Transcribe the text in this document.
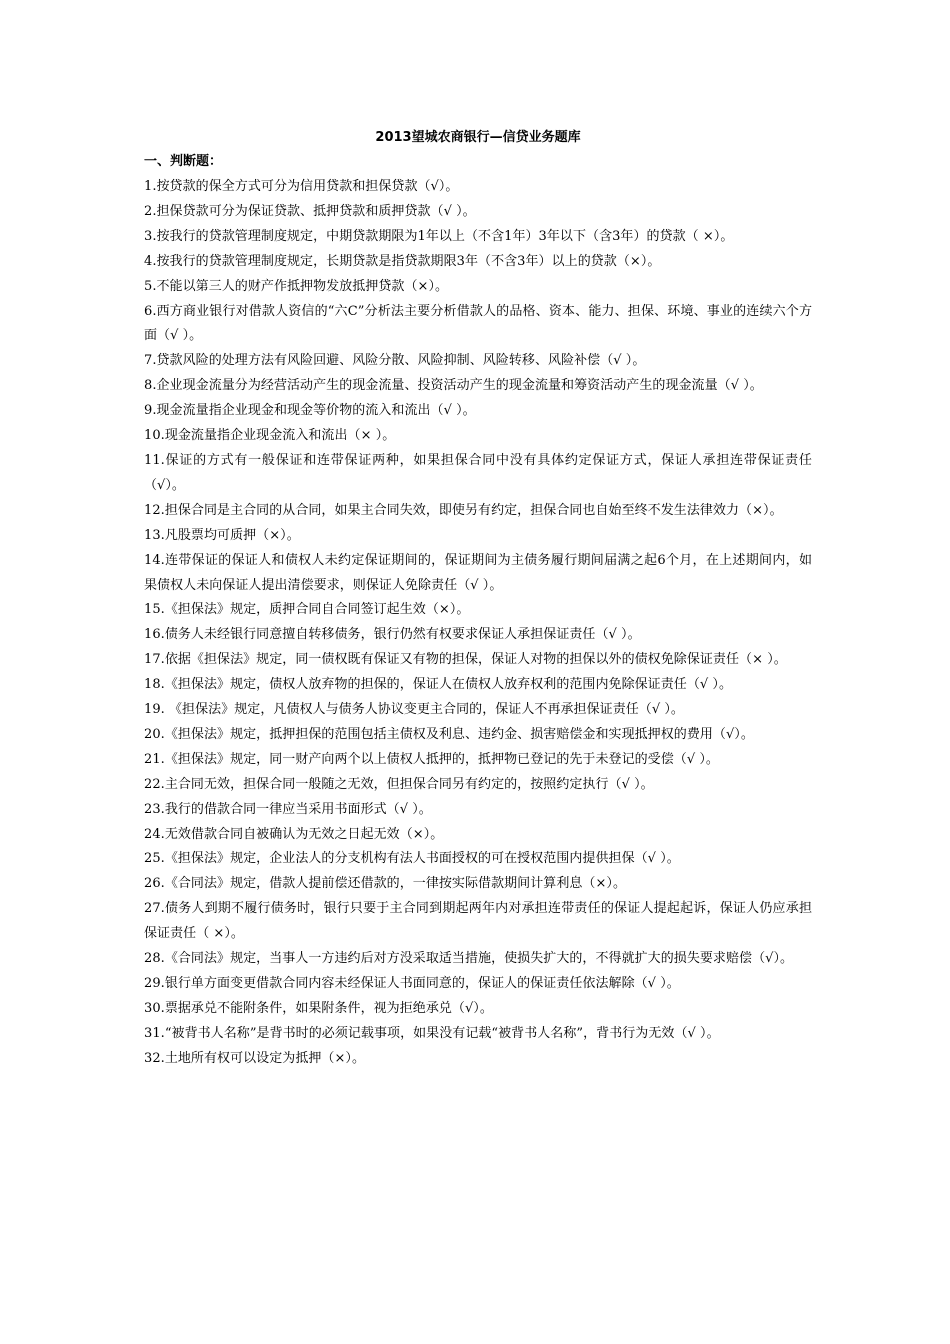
2013望城农商银行—信贷业务题库
一、判断题：

1.按贷款的保全方式可分为信用贷款和担保贷款（√）。

2.担保贷款可分为保证贷款、抵押贷款和质押贷款（√ ）。

3.按我行的贷款管理制度规定，中期贷款期限为1年以上（不含1年）3年以下（含3年）的贷款（ ×）。

4.按我行的贷款管理制度规定，长期贷款是指贷款期限3年（不含3年）以上的贷款（×）。

5.不能以第三人的财产作抵押物发放抵押贷款（×）。

6.西方商业银行对借款人资信的“六C”分析法主要分析借款人的品格、资本、能力、担保、环境、事业的连续六个方面（√ ）。

7.贷款风险的处理方法有风险回避、风险分散、风险抑制、风险转移、风险补偿（√ ）。

8.企业现金流量分为经营活动产生的现金流量、投资活动产生的现金流量和筹资活动产生的现金流量（√ ）。

9.现金流量指企业现金和现金等价物的流入和流出（√ ）。

10.现金流量指企业现金流入和流出（× ）。

11.保证的方式有一般保证和连带保证两种，如果担保合同中没有具体约定保证方式，保证人承担连带保证责任（√）。

12.担保合同是主合同的从合同，如果主合同失效，即使另有约定，担保合同也自始至终不发生法律效力（×）。

13.凡股票均可质押（×）。

14.连带保证的保证人和债权人未约定保证期间的，保证期间为主债务履行期间届满之起6个月，在上述期间内，如果债权人未向保证人提出清偿要求，则保证人免除责任（√ ）。

15.《担保法》规定，质押合同自合同签订起生效（×）。

16.债务人未经银行同意擅自转移债务，银行仍然有权要求保证人承担保证责任（√ ）。

17.依据《担保法》规定，同一债权既有保证又有物的担保，保证人对物的担保以外的债权免除保证责任（× ）。

18.《担保法》规定，债权人放弃物的担保的，保证人在债权人放弃权利的范围内免除保证责任（√ ）。

19. 《担保法》规定，凡债权人与债务人协议变更主合同的，保证人不再承担保证责任（√ ）。

20.《担保法》规定，抵押担保的范围包括主债权及利息、违约金、损害赔偿金和实现抵押权的费用（√）。

21.《担保法》规定，同一财产向两个以上债权人抵押的，抵押物已登记的先于未登记的受偿（√ ）。

22.主合同无效，担保合同一般随之无效，但担保合同另有约定的，按照约定执行（√ ）。

23.我行的借款合同一律应当采用书面形式（√ ）。

24.无效借款合同自被确认为无效之日起无效（×）。

25.《担保法》规定，企业法人的分支机构有法人书面授权的可在授权范围内提供担保（√ ）。

26.《合同法》规定，借款人提前偿还借款的，一律按实际借款期间计算利息（×）。

27.债务人到期不履行债务时，银行只要于主合同到期起两年内对承担连带责任的保证人提起起诉，保证人仍应承担保证责任（ ×）。

28.《合同法》规定，当事人一方违约后对方没采取适当措施，使损失扩大的，不得就扩大的损失要求赔偿（√）。

29.银行单方面变更借款合同内容未经保证人书面同意的，保证人的保证责任依法解除（√ ）。

30.票据承兑不能附条件，如果附条件，视为拒绝承兑（√）。

31.“被背书人名称”是背书时的必须记载事项，如果没有记载“被背书人名称”，背书行为无效（√ ）。

32.土地所有权可以设定为抵押（×）。
